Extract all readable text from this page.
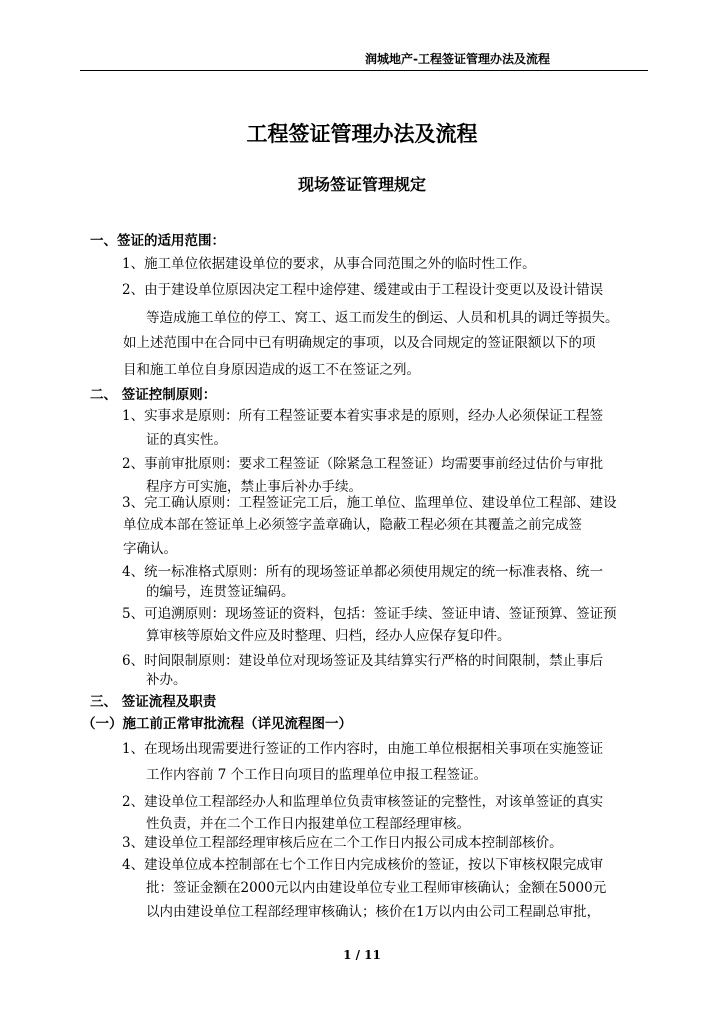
润城地产-工程签证管理办法及流程
工程签证管理办法及流程
现场签证管理规定
一、签证的适用范围：
1、施工单位依据建设单位的要求，从事合同范围之外的临时性工作。
2、由于建设单位原因决定工程中途停建、缓建或由于工程设计变更以及设计错误
等造成施工单位的停工、窝工、返工而发生的倒运、人员和机具的调迁等损失。
如上述范围中在合同中已有明确规定的事项，以及合同规定的签证限额以下的项
目和施工单位自身原因造成的返工不在签证之列。
二、 签证控制原则：
1、实事求是原则：所有工程签证要本着实事求是的原则，经办人必须保证工程签
证的真实性。
2、事前审批原则：要求工程签证（除紧急工程签证）均需要事前经过估价与审批
程序方可实施，禁止事后补办手续。
3、完工确认原则：工程签证完工后，施工单位、监理单位、建设单位工程部、建设
单位成本部在签证单上必须签字盖章确认，隐蔽工程必须在其覆盖之前完成签
字确认。
4、统一标准格式原则：所有的现场签证单都必须使用规定的统一标准表格、统一
的编号，连贯签证编码。
5、可追溯原则：现场签证的资料，包括：签证手续、签证申请、签证预算、签证预
算审核等原始文件应及时整理、归档，经办人应保存复印件。
6、时间限制原则：建设单位对现场签证及其结算实行严格的时间限制，禁止事后
补办。
三、 签证流程及职责
（一）施工前正常审批流程（详见流程图一）
1、在现场出现需要进行签证的工作内容时，由施工单位根据相关事项在实施签证
工作内容前 7 个工作日向项目的监理单位申报工程签证。
2、建设单位工程部经办人和监理单位负责审核签证的完整性，对该单签证的真实
性负责，并在二个工作日内报建单位工程部经理审核。
3、建设单位工程部经理审核后应在二个工作日内报公司成本控制部核价。
4、建设单位成本控制部在七个工作日内完成核价的签证，按以下审核权限完成审
批：签证金额在2000元以内由建设单位专业工程师审核确认；金额在5000元
以内由建设单位工程部经理审核确认；核价在1万以内由公司工程副总审批，
1 / 11
